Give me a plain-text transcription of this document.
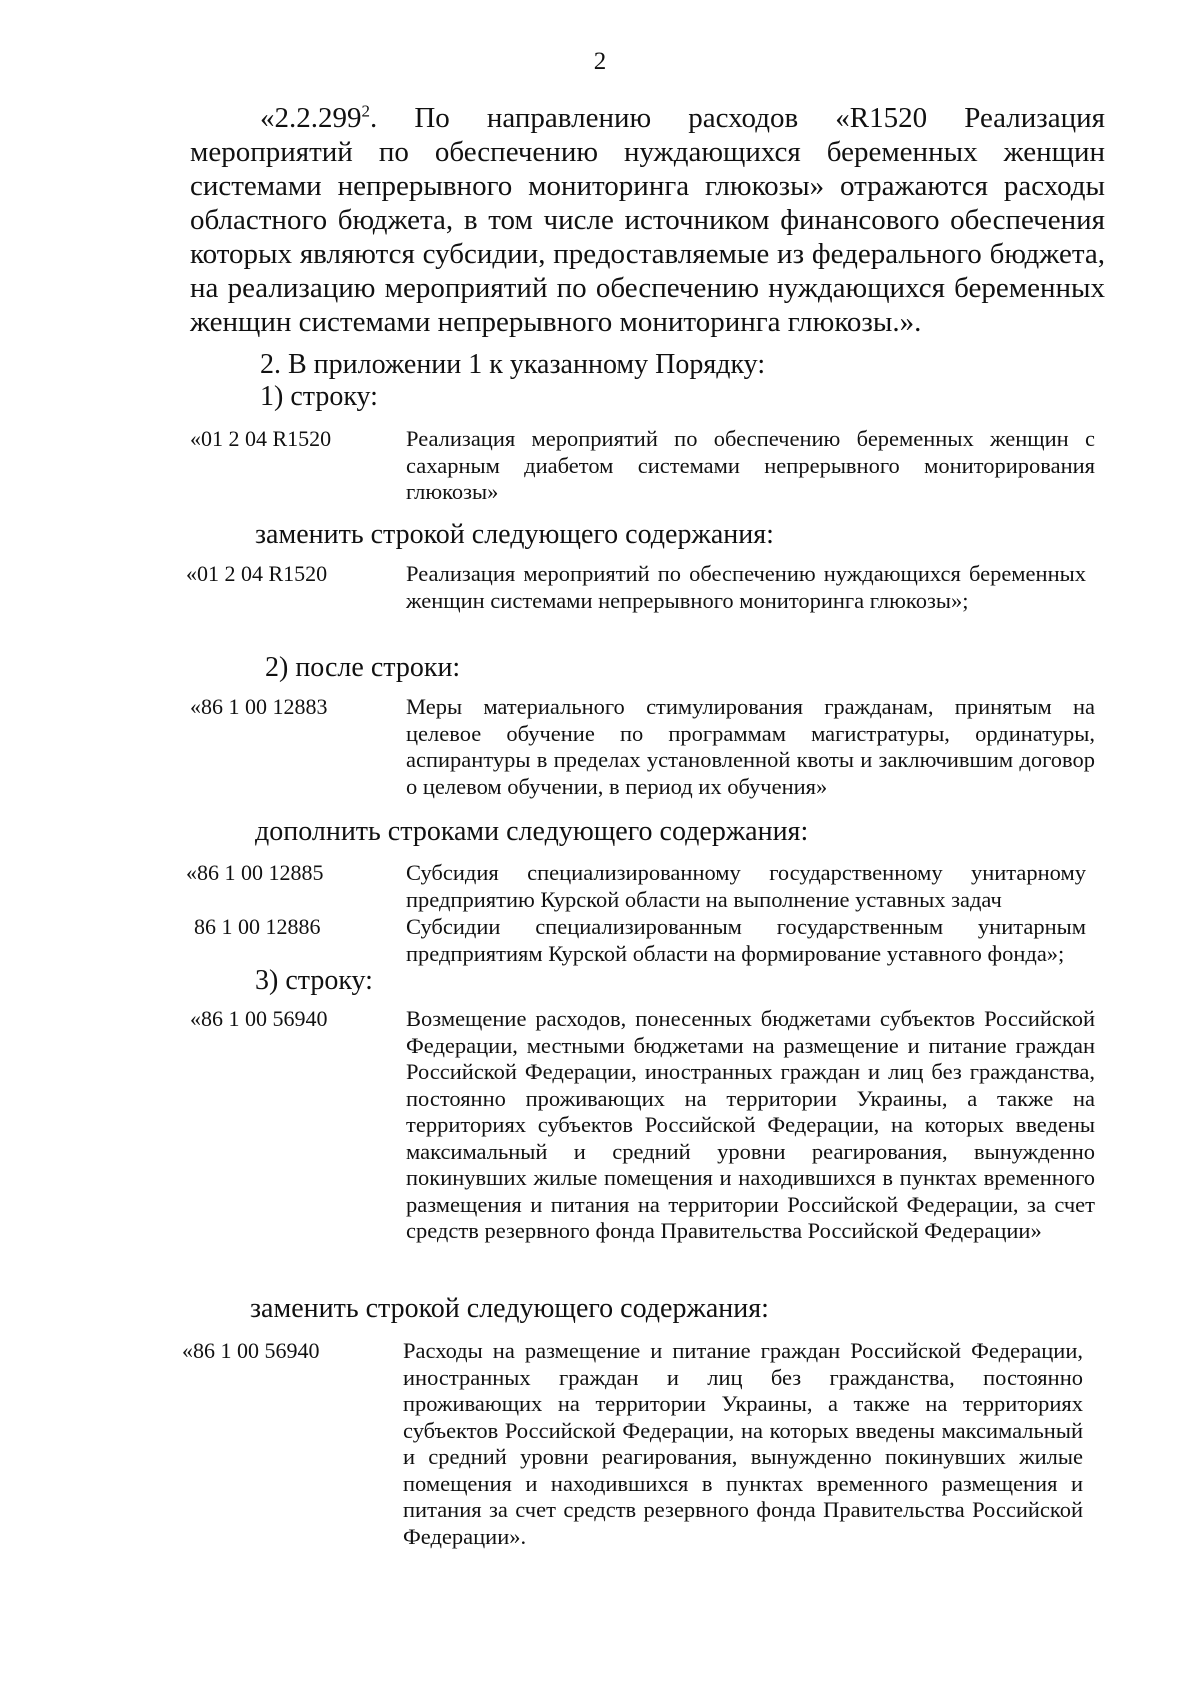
2

«2.2.299$^2$. По направлению расходов «R1520 Реализация мероприятий по обеспечению нуждающихся беременных женщин системами непрерывного мониторинга глюкозы» отражаются расходы областного бюджета, в том числе источником финансового обеспечения которых являются субсидии, предоставляемые из федерального бюджета, на реализацию мероприятий по обеспечению нуждающихся беременных женщин системами непрерывного мониторинга глюкозы.».

2. В приложении 1 к указанному Порядку:
1) строку:
«01 2 04 R1520	Реализация мероприятий по обеспечению беременных женщин с сахарным диабетом системами непрерывного мониторирования глюкозы»
заменить строкой следующего содержания:
«01 2 04 R1520	Реализация мероприятий по обеспечению нуждающихся беременных женщин системами непрерывного мониторинга глюкозы»;
2) после строки:
«86 1 00 12883	Меры материального стимулирования гражданам, принятым на целевое обучение по программам магистратуры, ординатуры, аспирантуры в пределах установленной квоты и заключившим договор о целевом обучении, в период их обучения»
дополнить строками следующего содержания:
«86 1 00 12885	Субсидия специализированному государственному унитарному предприятию Курской области на выполнение уставных задач
86 1 00 12886	Субсидии специализированным государственным унитарным предприятиям Курской области на формирование уставного фонда»;
3) строку:
«86 1 00 56940	Возмещение расходов, понесенных бюджетами субъектов Российской Федерации, местными бюджетами на размещение и питание граждан Российской Федерации, иностранных граждан и лиц без гражданства, постоянно проживающих на территории Украины, а также на территориях субъектов Российской Федерации, на которых введены максимальный и средний уровни реагирования, вынужденно покинувших жилые помещения и находившихся в пунктах временного размещения и питания на территории Российской Федерации, за счет средств резервного фонда Правительства Российской Федерации»
заменить строкой следующего содержания:
«86 1 00 56940	Расходы на размещение и питание граждан Российской Федерации, иностранных граждан и лиц без гражданства, постоянно проживающих на территории Украины, а также на территориях субъектов Российской Федерации, на которых введены максимальный и средний уровни реагирования, вынужденно покинувших жилые помещения и находившихся в пунктах временного размещения и питания за счет средств резервного фонда Правительства Российской Федерации».
